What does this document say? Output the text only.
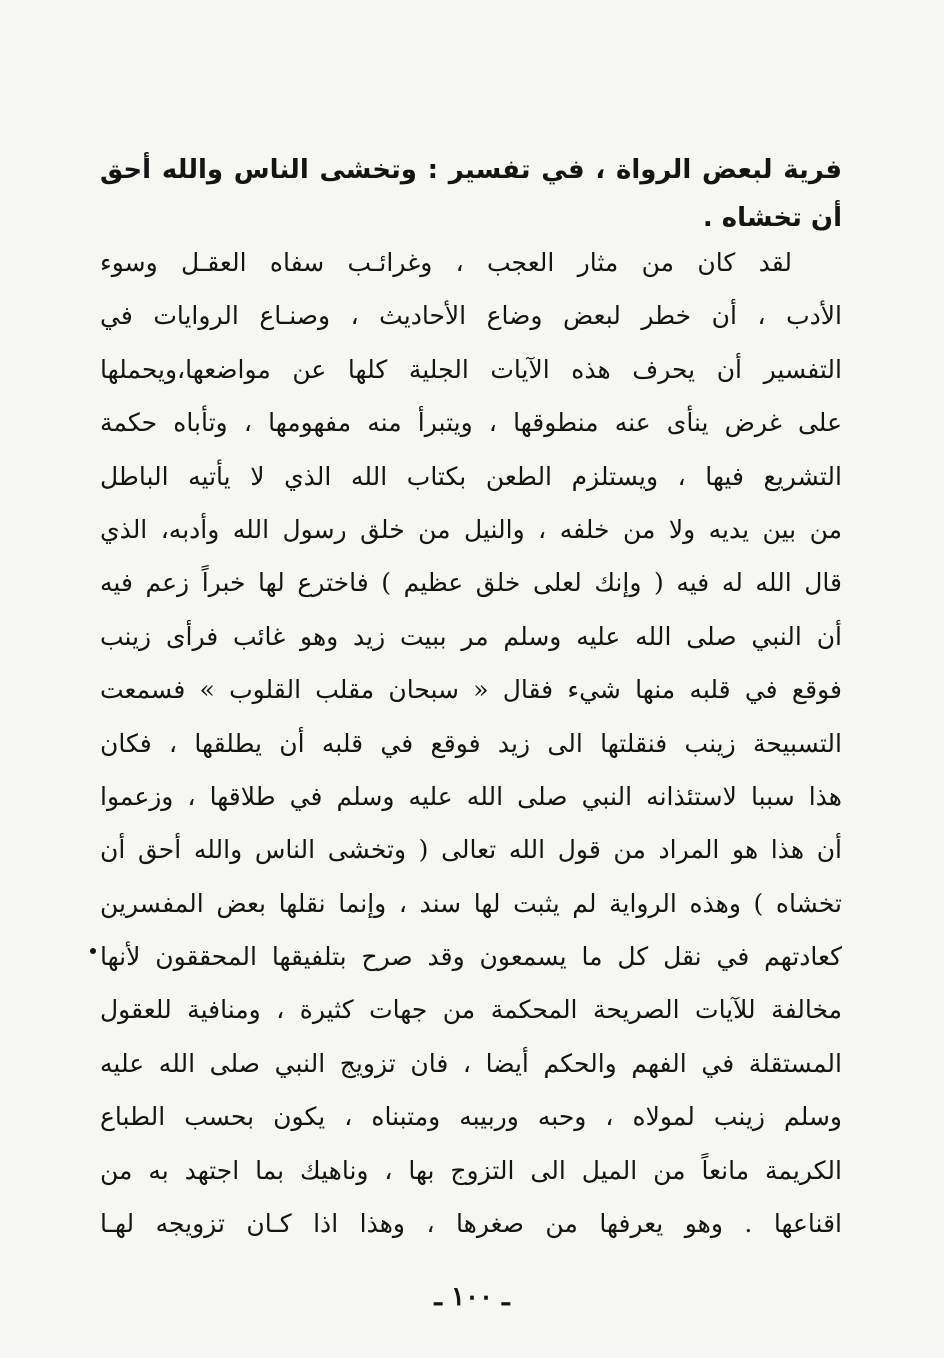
فرية لبعض الرواة ، في تفسير : وتخشى الناس والله أحق
أن تخشاه .
لقد كان من مثار العجب ، وغرائـب سفاه العقـل وسوء
الأدب ، أن خطر لبعض وضاع الأحاديث ، وصنـاع الروايات في
التفسير أن يحرف هذه الآيات الجلية كلها عن مواضعها،ويحملها
على غرض ينأى عنه منطوقها ، ويتبرأ منه مفهومها ، وتأباه حكمة
التشريع فيها ، ويستلزم الطعن بكتاب الله الذي لا يأتيه الباطل
من بين يديه ولا من خلفه ، والنيل من خلق رسول الله وأدبه، الذي
قال الله له فيه ( وإنك لعلى خلق عظيم ) فاخترع لها خبراً زعم فيه
أن النبي صلى الله عليه وسلم مر ببيت زيد وهو غائب فرأى زينب
فوقع في قلبه منها شيء فقال « سبحان مقلب القلوب » فسمعت
التسبيحة زينب فنقلتها الى زيد فوقع في قلبه أن يطلقها ، فكان
هذا سببا لاستئذانه النبي صلى الله عليه وسلم في طلاقها ، وزعموا
أن هذا هو المراد من قول الله تعالى ( وتخشى الناس والله أحق أن
تخشاه ) وهذه الرواية لم يثبت لها سند ، وإنما نقلها بعض المفسرين
كعادتهم في نقل كل ما يسمعون وقد صرح بتلفيقها المحققون لأنها
مخالفة للآيات الصريحة المحكمة من جهات كثيرة ، ومنافية للعقول
المستقلة في الفهم والحكم أيضا ، فان تزويج النبي صلى الله عليه
وسلم زينب لمولاه ، وحبه وربيبه ومتبناه ، يكون بحسب الطباع
الكريمة مانعاً من الميل الى التزوج بها ، وناهيك بما اجتهد به من
اقناعها . وهو يعرفها من صغرها ، وهذا اذا كـان تزويجه لهـا
ـ ١٠٠ ـ
